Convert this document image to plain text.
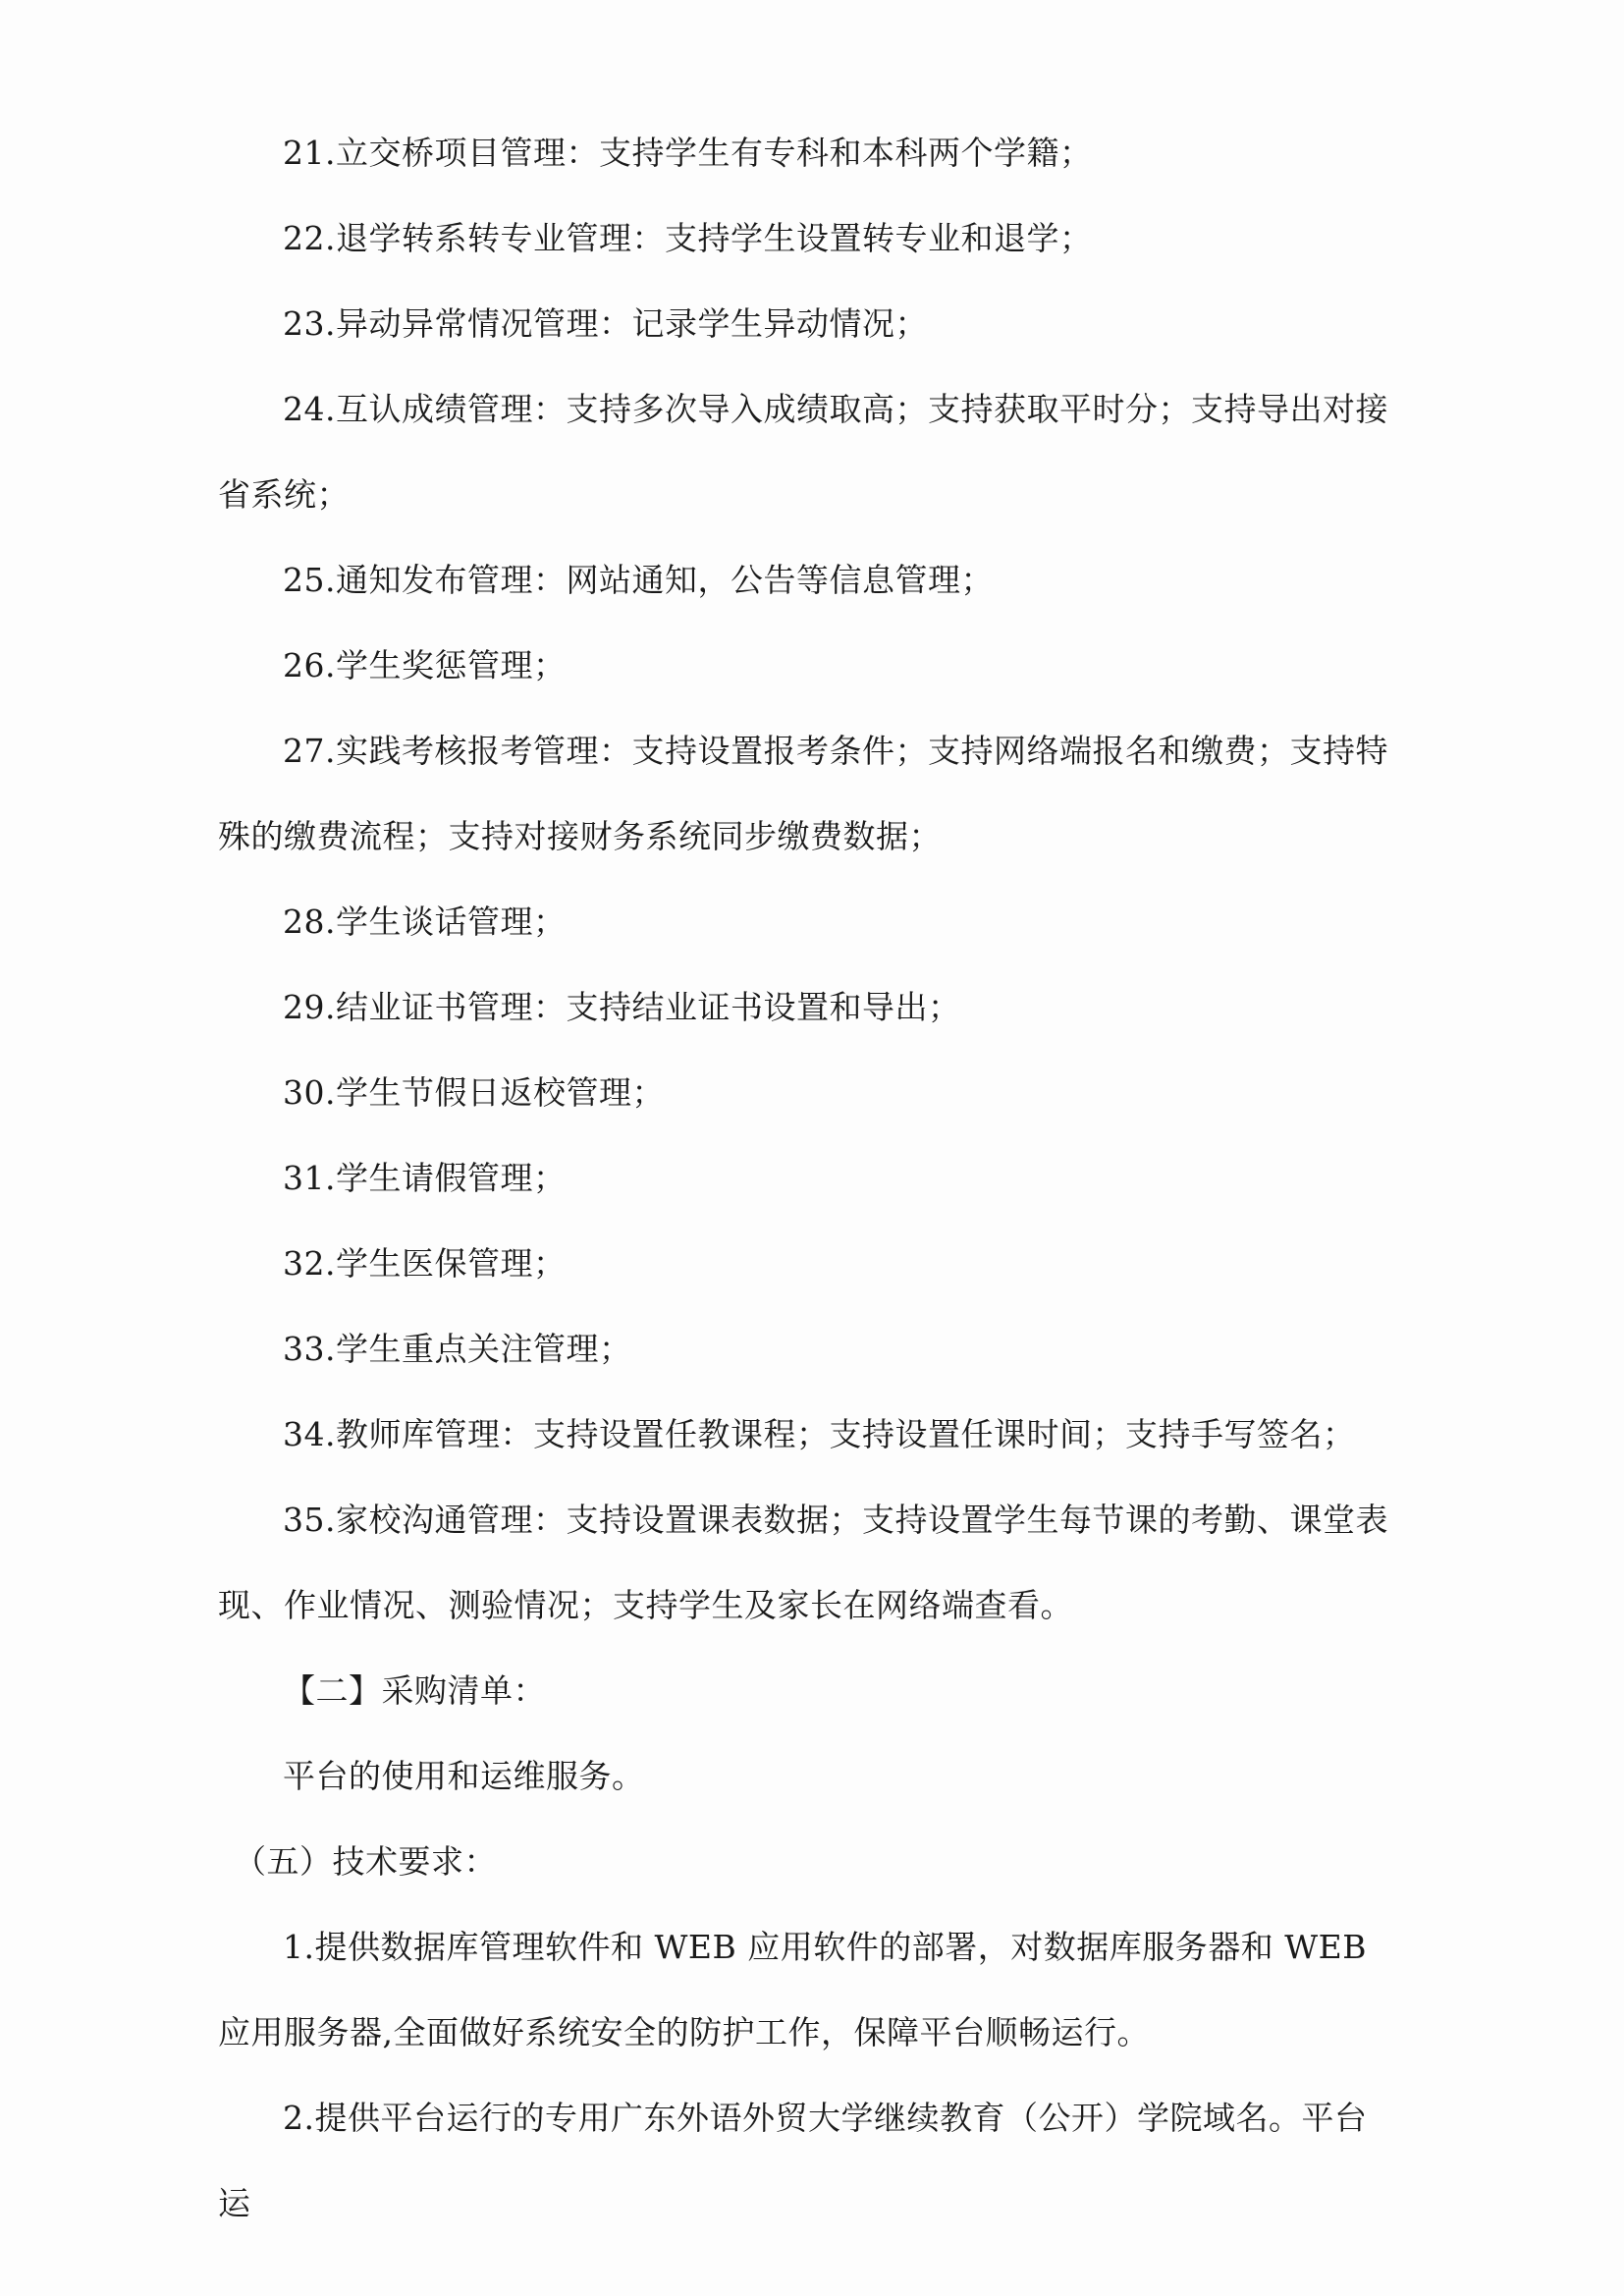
21.立交桥项目管理：支持学生有专科和本科两个学籍；

22.退学转系转专业管理：支持学生设置转专业和退学；

23.异动异常情况管理：记录学生异动情况；

24.互认成绩管理：支持多次导入成绩取高；支持获取平时分；支持导出对接省系统；

25.通知发布管理：网站通知，公告等信息管理；

26.学生奖惩管理；

27.实践考核报考管理：支持设置报考条件；支持网络端报名和缴费；支持特殊的缴费流程；支持对接财务系统同步缴费数据；

28.学生谈话管理；

29.结业证书管理：支持结业证书设置和导出；

30.学生节假日返校管理；

31.学生请假管理；

32.学生医保管理；

33.学生重点关注管理；

34.教师库管理：支持设置任教课程；支持设置任课时间；支持手写签名；

35.家校沟通管理：支持设置课表数据；支持设置学生每节课的考勤、课堂表现、作业情况、测验情况；支持学生及家长在网络端查看。

【二】采购清单：

平台的使用和运维服务。

（五）技术要求：

1.提供数据库管理软件和 WEB 应用软件的部署，对数据库服务器和 WEB 应用服务器,全面做好系统安全的防护工作，保障平台顺畅运行。

2.提供平台运行的专用广东外语外贸大学继续教育（公开）学院域名。平台运
